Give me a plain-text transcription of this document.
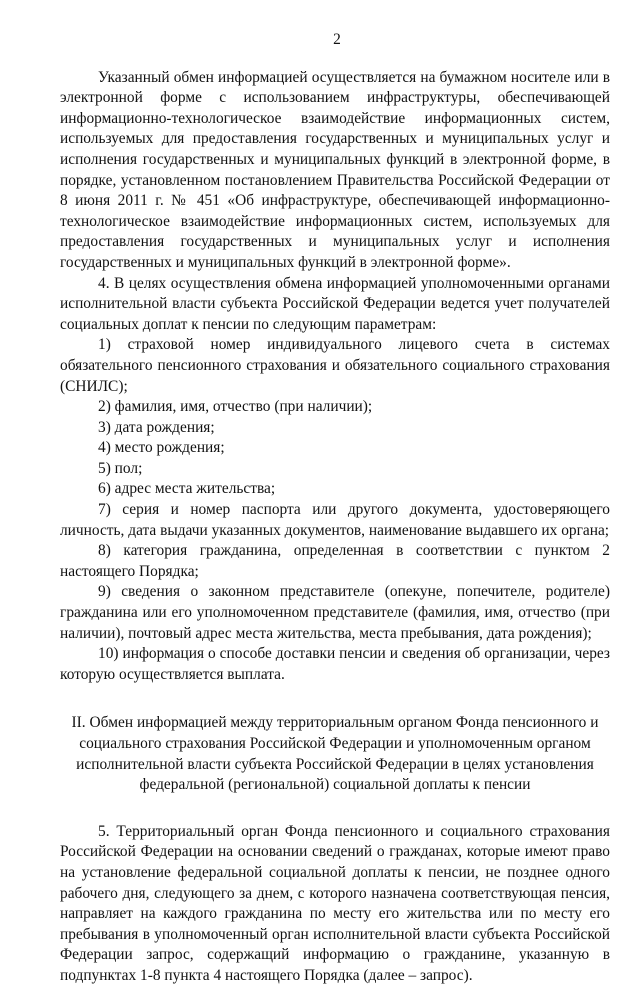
2

Указанный обмен информацией осуществляется на бумажном носителе или в электронной форме с использованием инфраструктуры, обеспечивающей информационно-технологическое взаимодействие информационных систем, используемых для предоставления государственных и муниципальных услуг и исполнения государственных и муниципальных функций в электронной форме, в порядке, установленном постановлением Правительства Российской Федерации от 8 июня 2011 г. № 451 «Об инфраструктуре, обеспечивающей информационно-технологическое взаимодействие информационных систем, используемых для предоставления государственных и муниципальных услуг и исполнения государственных и муниципальных функций в электронной форме».

4. В целях осуществления обмена информацией уполномоченными органами исполнительной власти субъекта Российской Федерации ведется учет получателей социальных доплат к пенсии по следующим параметрам:

1) страховой номер индивидуального лицевого счета в системах обязательного пенсионного страхования и обязательного социального страхования (СНИЛС);

2) фамилия, имя, отчество (при наличии);

3) дата рождения;

4) место рождения;

5) пол;

6) адрес места жительства;

7) серия и номер паспорта или другого документа, удостоверяющего личность, дата выдачи указанных документов, наименование выдавшего их органа;

8) категория гражданина, определенная в соответствии с пунктом 2 настоящего Порядка;

9) сведения о законном представителе (опекуне, попечителе, родителе) гражданина или его уполномоченном представителе (фамилия, имя, отчество (при наличии), почтовый адрес места жительства, места пребывания, дата рождения);

10) информация о способе доставки пенсии и сведения об организации, через которую осуществляется выплата.

II. Обмен информацией между территориальным органом Фонда пенсионного и социального страхования Российской Федерации и уполномоченным органом исполнительной власти субъекта Российской Федерации в целях установления федеральной (региональной) социальной доплаты к пенсии

5. Территориальный орган Фонда пенсионного и социального страхования Российской Федерации на основании сведений о гражданах, которые имеют право на установление федеральной социальной доплаты к пенсии, не позднее одного рабочего дня, следующего за днем, с которого назначена соответствующая пенсия, направляет на каждого гражданина по месту его жительства или по месту его пребывания в уполномоченный орган исполнительной власти субъекта Российской Федерации запрос, содержащий информацию о гражданине, указанную в подпунктах 1-8 пункта 4 настоящего Порядка (далее – запрос).
